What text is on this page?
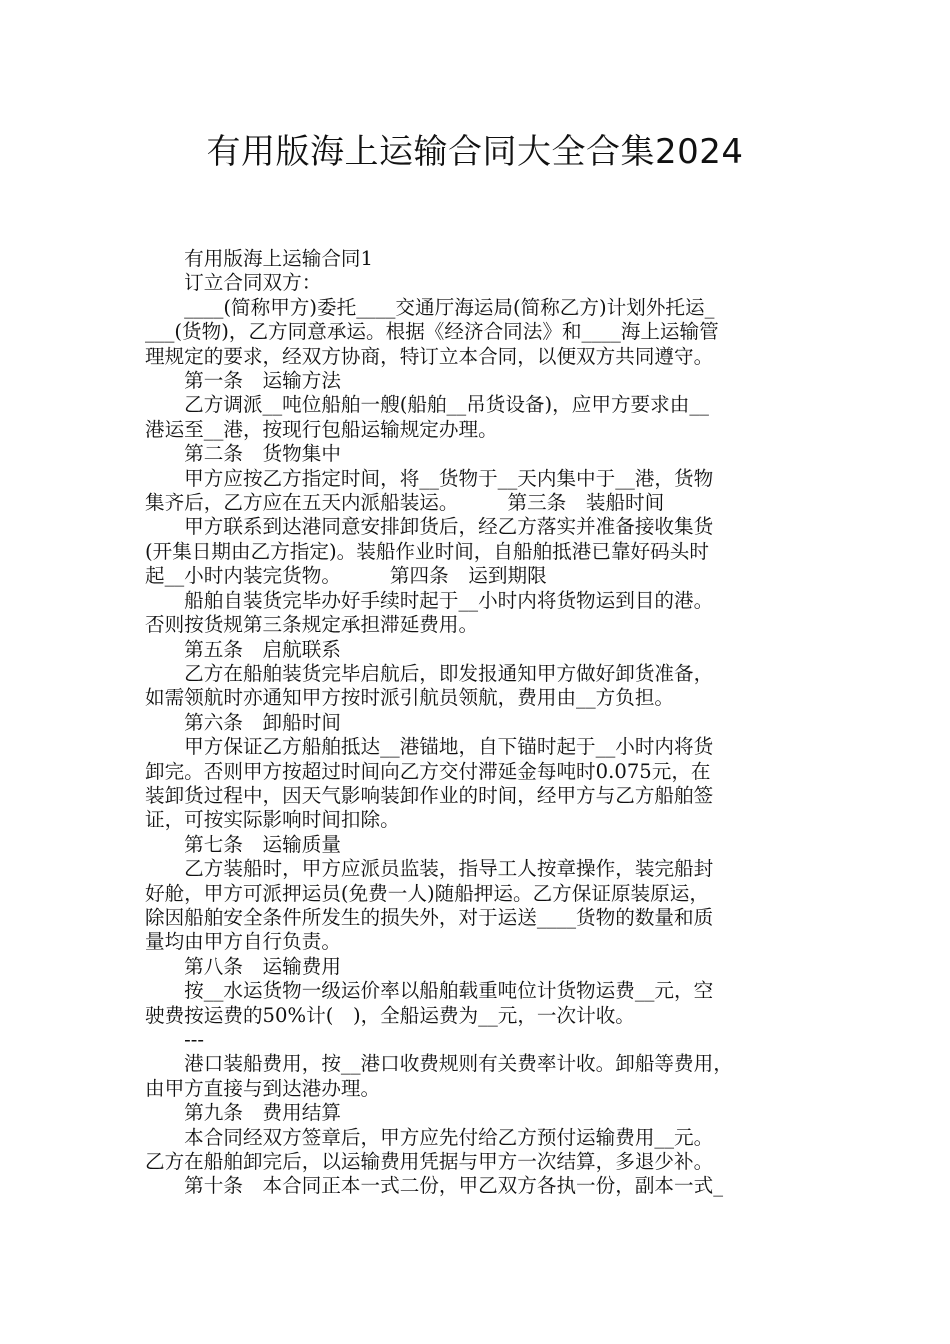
有用版海上运输合同大全合集2024

　　有用版海上运输合同1

　　订立合同双方：

　　____(简称甲方)委托____交通厅海运局(简称乙方)计划外托运_

___(货物)，乙方同意承运。根据《经济合同法》和____海上运输管

理规定的要求，经双方协商，特订立本合同，以便双方共同遵守。

　　第一条　运输方法

　　乙方调派__吨位船舶一艘(船舶__吊货设备)，应甲方要求由__

港运至__港，按现行包船运输规定办理。

　　第二条　货物集中

　　甲方应按乙方指定时间，将__货物于__天内集中于__港，货物

集齐后，乙方应在五天内派船装运。　　　第三条　装船时间

　　甲方联系到达港同意安排卸货后，经乙方落实并准备接收集货

(开集日期由乙方指定)。装船作业时间，自船舶抵港已靠好码头时

起__小时内装完货物。　　　第四条　运到期限

　　船舶自装货完毕办好手续时起于__小时内将货物运到目的港。

否则按货规第三条规定承担滞延费用。

　　第五条　启航联系

　　乙方在船舶装货完毕启航后，即发报通知甲方做好卸货准备，

如需领航时亦通知甲方按时派引航员领航，费用由__方负担。

　　第六条　卸船时间

　　甲方保证乙方船舶抵达__港锚地，自下锚时起于__小时内将货

卸完。否则甲方按超过时间向乙方交付滞延金每吨时0.075元，在

装卸货过程中，因天气影响装卸作业的时间，经甲方与乙方船舶签

证，可按实际影响时间扣除。

　　第七条　运输质量

　　乙方装船时，甲方应派员监装，指导工人按章操作，装完船封

好舱，甲方可派押运员(免费一人)随船押运。乙方保证原装原运，

除因船舶安全条件所发生的损失外，对于运送____货物的数量和质

量均由甲方自行负责。

　　第八条　运输费用

　　按__水运货物一级运价率以船舶载重吨位计货物运费__元，空

驶费按运费的50%计(　)，全船运费为__元，一次计收。

　　---

　　港口装船费用，按__港口收费规则有关费率计收。卸船等费用，

由甲方直接与到达港办理。

　　第九条　费用结算

　　本合同经双方签章后，甲方应先付给乙方预付运输费用__元。

乙方在船舶卸完后，以运输费用凭据与甲方一次结算，多退少补。

　　第十条　本合同正本一式二份，甲乙双方各执一份，副本一式_
